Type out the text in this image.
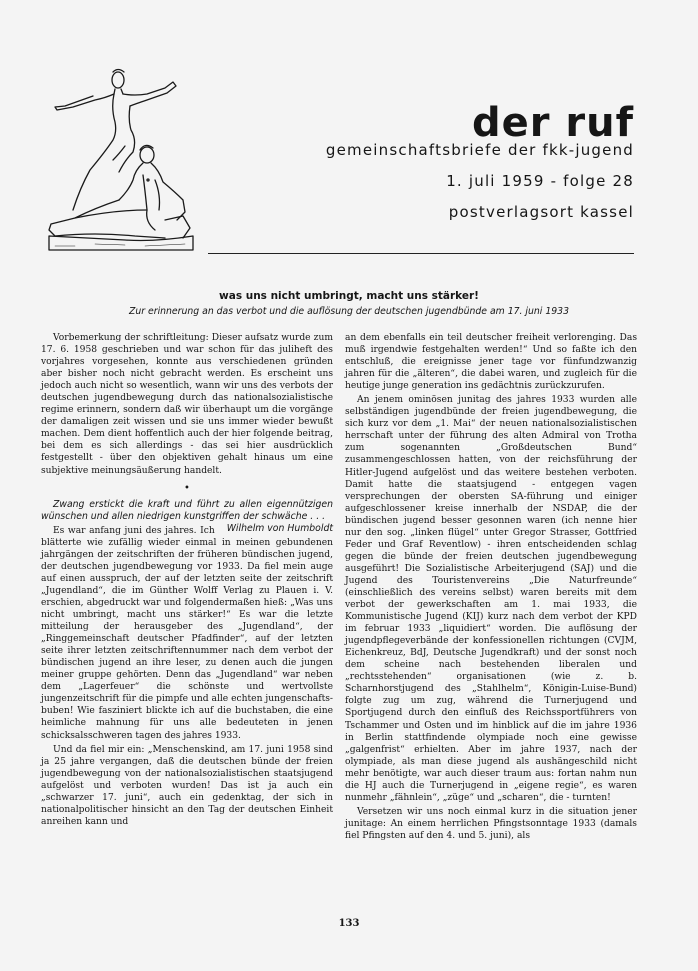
der ruf
gemeinschaftsbriefe der fkk-jugend
1. juli 1959 - folge 28
postverlagsort kassel
was uns nicht umbringt, macht uns stärker!
Zur erinnerung an das verbot und die auflösung der deutschen jugendbünde am 17. juni 1933

Vorbemerkung der schriftleitung: Dieser aufsatz wurde zum 17. 6. 1958 geschrieben und war schon für das juliheft des vorjahres vorgesehen, konnte aus verschiedenen gründen aber bisher noch nicht gebracht werden. Es erscheint uns jedoch auch nicht so wesentlich, wann wir uns des verbots der deutschen jugendbewegung durch das nationalsozialistische regime erinnern, sondern daß wir überhaupt um die vorgänge der damaligen zeit wissen und sie uns immer wieder bewußt machen. Dem dient hoffentlich auch der hier folgende beitrag, bei dem es sich allerdings - das sei hier ausdrücklich festgestellt - über den objektiven gehalt hinaus um eine subjektive meinungsäußerung handelt.

•

Zwang erstickt die kraft und führt zu allen eigennützigen wünschen und allen niedrigen kunstgriffen der schwäche . . .
Wilhelm von Humboldt

Es war anfang juni des jahres. Ich blätterte wie zufällig wieder einmal in meinen gebundenen jahrgängen der zeitschriften der früheren bündischen jugend, der deutschen jugendbewegung vor 1933. Da fiel mein auge auf einen ausspruch, der auf der letzten seite der zeitschrift „Jugendland“, die im Günther Wolff Verlag zu Plauen i. V. erschien, abgedruckt war und folgendermaßen hieß: „Was uns nicht umbringt, macht uns stärker!“ Es war die letzte mitteilung der herausgeber des „Jugendland“, der „Ringgemeinschaft deutscher Pfadfinder“, auf der letzten seite ihrer letzten zeitschriftennummer nach dem verbot der bündischen jugend an ihre leser, zu denen auch die jungen meiner gruppe gehörten. Denn das „Jugendland“ war neben dem „Lagerfeuer“ die schönste und wertvollste jungenzeitschrift für die pimpfe und alle echten jungenschafts-buben! Wie fasziniert blickte ich auf die buchstaben, die eine heimliche mahnung für uns alle bedeuteten in jenen schicksalsschweren tagen des jahres 1933.

Und da fiel mir ein: „Menschenskind, am 17. juni 1958 sind ja 25 jahre vergangen, daß die deutschen bünde der freien jugendbewegung von der nationalsozialistischen staatsjugend aufgelöst und verboten wurden! Das ist ja auch ein „schwarzer 17. juni“, auch ein gedenktag, der sich in nationalpolitischer hinsicht an den Tag der deutschen Einheit anreihen kann und

an dem ebenfalls ein teil deutscher freiheit verlorenging. Das muß irgendwie festgehalten werden!“ Und so faßte ich den entschluß, die ereignisse jener tage vor fünfundzwanzig jahren für die „älteren“, die dabei waren, und zugleich für die heutige junge generation ins gedächtnis zurückzurufen.

An jenem ominösen junitag des jahres 1933 wurden alle selbständigen jugendbünde der freien jugendbewegung, die sich kurz vor dem „1. Mai“ der neuen nationalsozialistischen herrschaft unter der führung des alten Admiral von Trotha zum sogenannten „Großdeutschen Bund“ zusammengeschlossen hatten, von der reichsführung der Hitler-Jugend aufgelöst und das weitere bestehen verboten. Damit hatte die staatsjugend - entgegen vagen versprechungen der obersten SA-führung und einiger aufgeschlossener kreise innerhalb der NSDAP, die der bündischen jugend besser gesonnen waren (ich nenne hier nur den sog. „linken flügel“ unter Gregor Strasser, Gottfried Feder und Graf Reventlow) - ihren entscheidenden schlag gegen die bünde der freien deutschen jugendbewegung ausgeführt! Die Sozialistische Arbeiterjugend (SAJ) und die Jugend des Touristenvereins „Die Naturfreunde“ (einschließlich des vereins selbst) waren bereits mit dem verbot der gewerkschaften am 1. mai 1933, die Kommunistische Jugend (KIJ) kurz nach dem verbot der KPD im februar 1933 „liquidiert“ worden. Die auflösung der jugendpflegeverbände der konfessionellen richtungen (CVJM, Eichenkreuz, BdJ, Deutsche Jugendkraft) und der sonst noch dem scheine nach bestehenden liberalen und „rechtsstehenden“ organisationen (wie z. b. Scharnhorstjugend des „Stahlhelm“, Königin-Luise-Bund) folgte zug um zug, während die Turnerjugend und Sportjugend durch den einfluß des Reichssportführers von Tschammer und Osten und im hinblick auf die im jahre 1936 in Berlin stattfindende olympiade noch eine gewisse „galgenfrist“ erhielten. Aber im jahre 1937, nach der olympiade, als man diese jugend als aushängeschild nicht mehr benötigte, war auch dieser traum aus: fortan nahm nun die HJ auch die Turnerjugend in „eigene regie“, es waren nunmehr „fähnlein“, „züge“ und „scharen“, die - turnten!

Versetzen wir uns noch einmal kurz in die situation jener junitage: An einem herrlichen Pfingstsonntage 1933 (damals fiel Pfingsten auf den 4. und 5. juni), als

133
